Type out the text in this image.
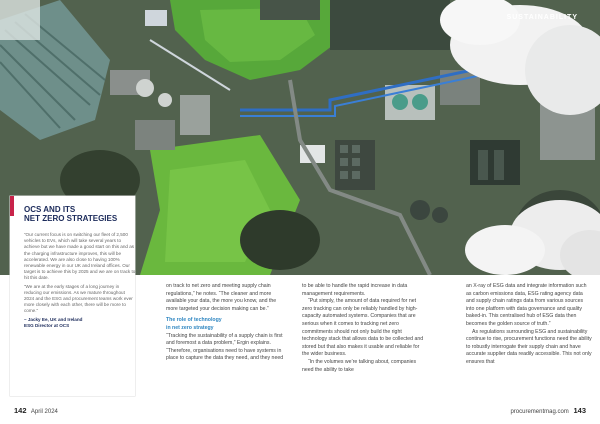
SUSTAINABILITY
OCS AND ITS
NET ZERO STRATEGIES

“Our current focus is on switching our fleet of 2,500 vehicles to EVs, which will take several years to achieve but we have made a good start on this and as the charging infrastructure improves, this will be accelerated. We are also close to having 100% renewable energy in our UK and Ireland offices. Our target is to achieve this by 2025 and we are on track to hit this date.

“We are at the early stages of a long journey in reducing our emissions. As we mature throughout 2024 and the ESG and procurement teams work ever more closely with each other, there will be more to come.”

– Jacky Ee, UK and Ireland
ESG Director at OCS

on track to net zero and meeting supply chain regulations,” he notes. “The cleaner and more available your data, the more you know, and the more targeted your decision making can be.”

The role of technology
in net zero strategy

“Tracking the sustainability of a supply chain is first and foremost a data problem,” Ergin explains. “Therefore, organisations need to have systems in place to capture the data they need, and they need

to be able to handle the rapid increase in data management requirements.

“Put simply, the amount of data required for net zero tracking can only be reliably handled by high-capacity automated systems. Companies that are serious when it comes to tracking net zero commitments should not only build the right technology stack that allows data to be collected and stored but that also makes it usable and reliable for the wider business.

“In the volumes we’re talking about, companies need the ability to take

an X-ray of ESG data and integrate information such as carbon emissions data, ESG rating agency data and supply chain ratings data from various sources into one platform with data governance and quality baked-in. This centralised hub of ESG data then becomes the golden source of truth.”

As regulations surrounding ESG and sustainability continue to rise, procurement functions need the ability to robustly interrogate their supply chain and have accurate supplier data readily accessible. This not only ensures that

142 April 2024	procurementmag.com 143
